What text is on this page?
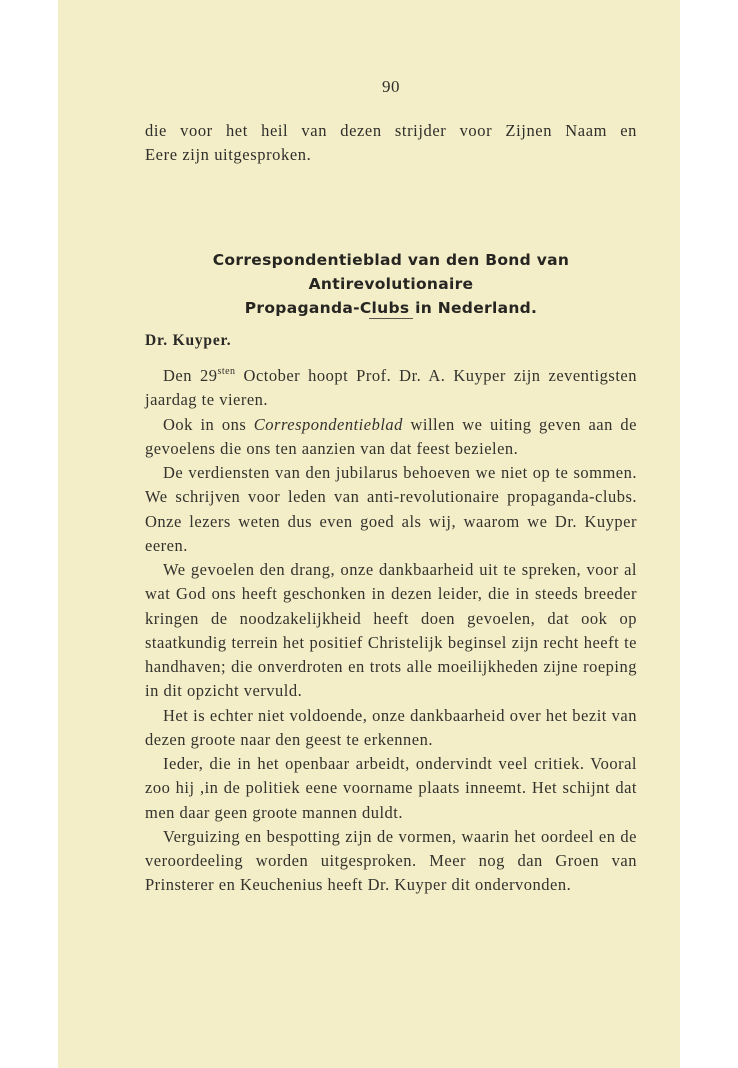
90

die voor het heil van dezen strijder voor Zijnen Naam en
Eere zijn uitgesproken.

Correspondentieblad van den Bond van Antirevolutionaire
Propaganda-Clubs in Nederland.
Dr. Kuyper.

Den $29^{sten}$ October hoopt Prof. Dr. A. Kuyper zijn zeventigsten jaardag te vieren.

Ook in ons Correspondentieblad willen we uiting geven aan de gevoelens die ons ten aanzien van dat feest bezielen.

De verdiensten van den jubilarus behoeven we niet op te sommen. We schrijven voor leden van anti-revolutionaire propaganda-clubs. Onze lezers weten dus even goed als wij, waarom we Dr. Kuyper eeren.

We gevoelen den drang, onze dankbaarheid uit te spreken, voor al wat God ons heeft geschonken in dezen leider, die in steeds breeder kringen de noodzakelijkheid heeft doen gevoelen, dat ook op staatkundig terrein het positief Christelijk beginsel zijn recht heeft te handhaven; die onverdroten en trots alle moeilijkheden zijne roeping in dit opzicht vervuld.

Het is echter niet voldoende, onze dankbaarheid over het bezit van dezen groote naar den geest te erkennen.

Ieder, die in het openbaar arbeidt, ondervindt veel critiek. Vooral zoo hij ,in de politiek eene voorname plaats inneemt. Het schijnt dat men daar geen groote mannen duldt.

Verguizing en bespotting zijn de vormen, waarin het oordeel en de veroordeeling worden uitgesproken. Meer nog dan Groen van Prinsterer en Keuchenius heeft Dr. Kuyper dit ondervonden.
